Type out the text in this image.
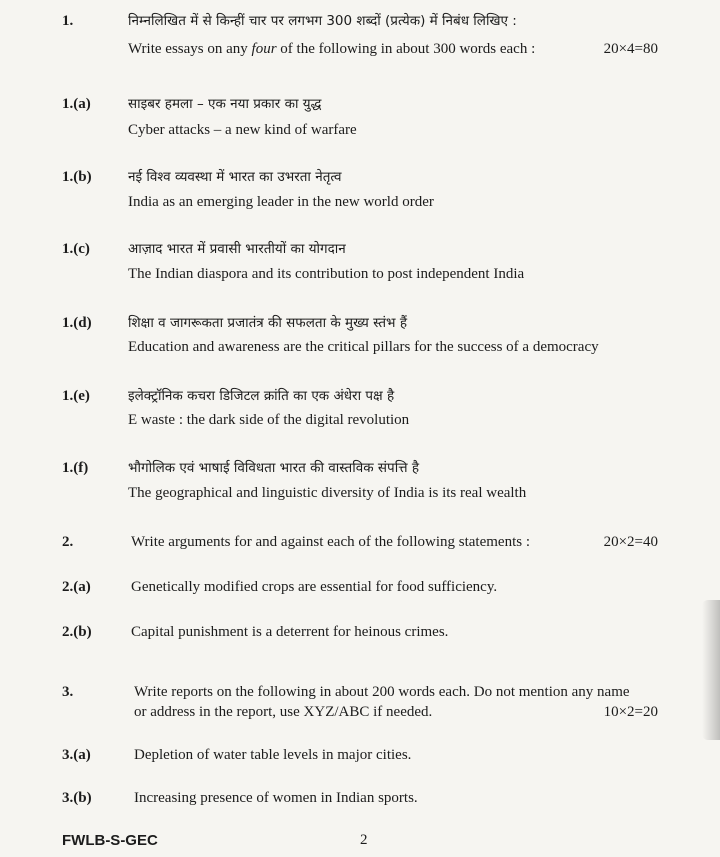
1.	निम्नलिखित में से किन्हीं चार पर लगभग 300 शब्दों (प्रत्येक) में निबंध लिखिए :
Write essays on any four of the following in about 300 words each :	20×4=80
1.(a)	साइबर हमला – एक नया प्रकार का युद्ध
Cyber attacks – a new kind of warfare
1.(b)	नई विश्व व्यवस्था में भारत का उभरता नेतृत्व
India as an emerging leader in the new world order
1.(c)	आज़ाद भारत में प्रवासी भारतीयों का योगदान
The Indian diaspora and its contribution to post independent India
1.(d)	शिक्षा व जागरूकता प्रजातंत्र की सफलता के मुख्य स्तंभ हैं
Education and awareness are the critical pillars for the success of a democracy
1.(e)	इलेक्ट्रॉनिक कचरा डिजिटल क्रांति का एक अंधेरा पक्ष है
E waste : the dark side of the digital revolution
1.(f)	भौगोलिक एवं भाषाई विविधता भारत की वास्तविक संपत्ति है
The geographical and linguistic diversity of India is its real wealth
2.	Write arguments for and against each of the following statements :	20×2=40
2.(a)	Genetically modified crops are essential for food sufficiency.
2.(b)	Capital punishment is a deterrent for heinous crimes.
3.	Write reports on the following in about 200 words each. Do not mention any name
or address in the report, use XYZ/ABC if needed.	10×2=20
3.(a)	Depletion of water table levels in major cities.
3.(b)	Increasing presence of women in Indian sports.
FWLB-S-GEC	2
